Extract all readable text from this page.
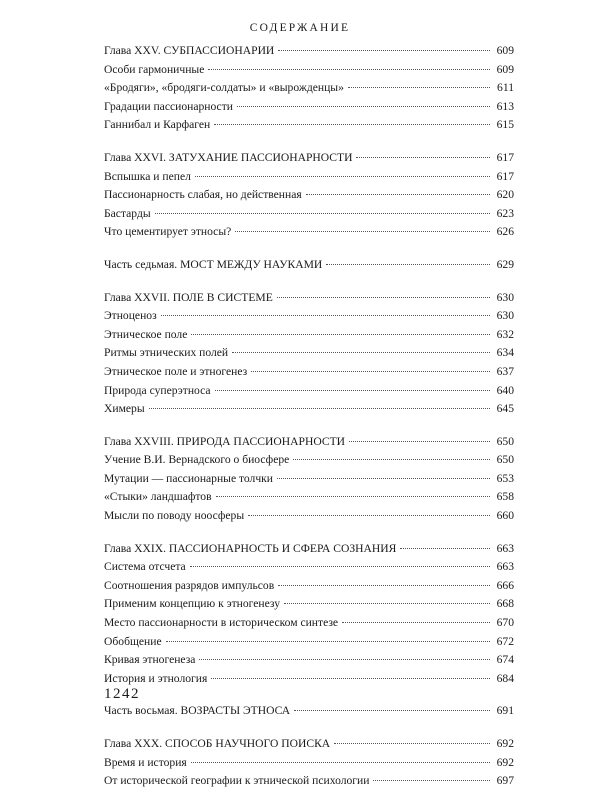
СОДЕРЖАНИЕ
Глава XXV. СУБПАССИОНАРИИ	609
Особи гармоничные	609
«Бродяги», «бродяги-солдаты» и «вырожденцы»	611
Градации пассионарности	613
Ганнибал и Карфаген	615
Глава XXVI. ЗАТУХАНИЕ ПАССИОНАРНОСТИ	617
Вспышка и пепел	617
Пассионарность слабая, но действенная	620
Бастарды	623
Что цементирует этносы?	626
Часть седьмая. МОСТ МЕЖДУ НАУКАМИ	629
Глава XXVII. ПОЛЕ В СИСТЕМЕ	630
Этноценоз	630
Этническое поле	632
Ритмы этнических полей	634
Этническое поле и этногенез	637
Природа суперэтноса	640
Химеры	645
Глава XXVIII. ПРИРОДА ПАССИОНАРНОСТИ	650
Учение В.И. Вернадского о биосфере	650
Мутации — пассионарные толчки	653
«Стыки» ландшафтов	658
Мысли по поводу ноосферы	660
Глава XXIX. ПАССИОНАРНОСТЬ И СФЕРА СОЗНАНИЯ	663
Система отсчета	663
Соотношения разрядов импульсов	666
Применим концепцию к этногенезу	668
Место пассионарности в историческом синтезе	670
Обобщение	672
Кривая этногенеза	674
История и этнология	684
Часть восьмая. ВОЗРАСТЫ ЭТНОСА	691
Глава XXX. СПОСОБ НАУЧНОГО ПОИСКА	692
Время и история	692
От исторической географии к этнической психологии	697
1242
